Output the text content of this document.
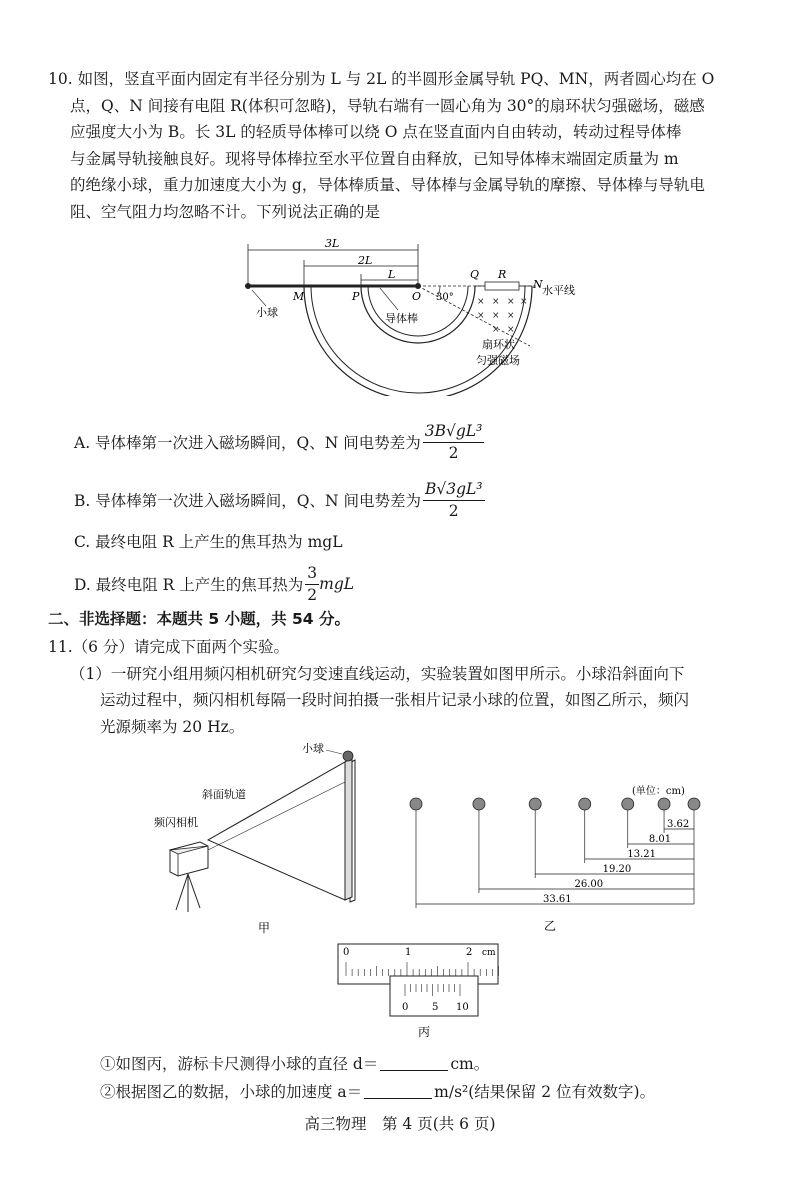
10. 如图，竖直平面内固定有半径分别为 L 与 2L 的半圆形金属导轨 PQ、MN，两者圆心均在 O
点，Q、N 间接有电阻 R(体积可忽略)，导轨右端有一圆心角为 30°的扇环状匀强磁场，磁感
应强度大小为 B。长 3L 的轻质导体棒可以绕 O 点在竖直面内自由转动，转动过程导体棒
与金属导轨接触良好。现将导体棒拉至水平位置自由释放，已知导体棒末端固定质量为 m
的绝缘小球，重力加速度大小为 g，导体棒质量、导体棒与金属导轨的摩擦、导体棒与导轨电
阻、空气阻力均忽略不计。下列说法正确的是
3L
2L
L
× × × ×
× × ×
× ×
M	P	O
Q R
N 水平线
30°
小球	导体棒
扇环状
匀强磁场
A. 导体棒第一次进入磁场瞬间，Q、N 间电势差为 $\frac{\text{3B√gL³}}{2}$
B. 导体棒第一次进入磁场瞬间，Q、N 间电势差为 $\frac{\text{B√3gL³}}{2}$
C. 最终电阻 R 上产生的焦耳热为 mgL
D. 最终电阻 R 上产生的焦耳热为 $\frac{3}{2}$ mgL
二、非选择题：本题共 5 小题，共 54 分。
11.（6 分）请完成下面两个实验。
（1）一研究小组用频闪相机研究匀变速直线运动，实验装置如图甲所示。小球沿斜面向下
运动过程中，频闪相机每隔一段时间拍摄一张相片记录小球的位置，如图乙所示，频闪
光源频率为 20 Hz。
小球
斜面轨道
频闪相机
甲
(单位：cm)
3.62
8.01
13.21
19.20
26.00
33.61
乙
0	1	2 cm
0 5 10
丙
①如图丙，游标卡尺测得小球的直径 d＝	cm。
②根据图乙的数据，小球的加速度 a＝	m/s²(结果保留 2 位有效数字)。
高三物理　第 4 页(共 6 页)
